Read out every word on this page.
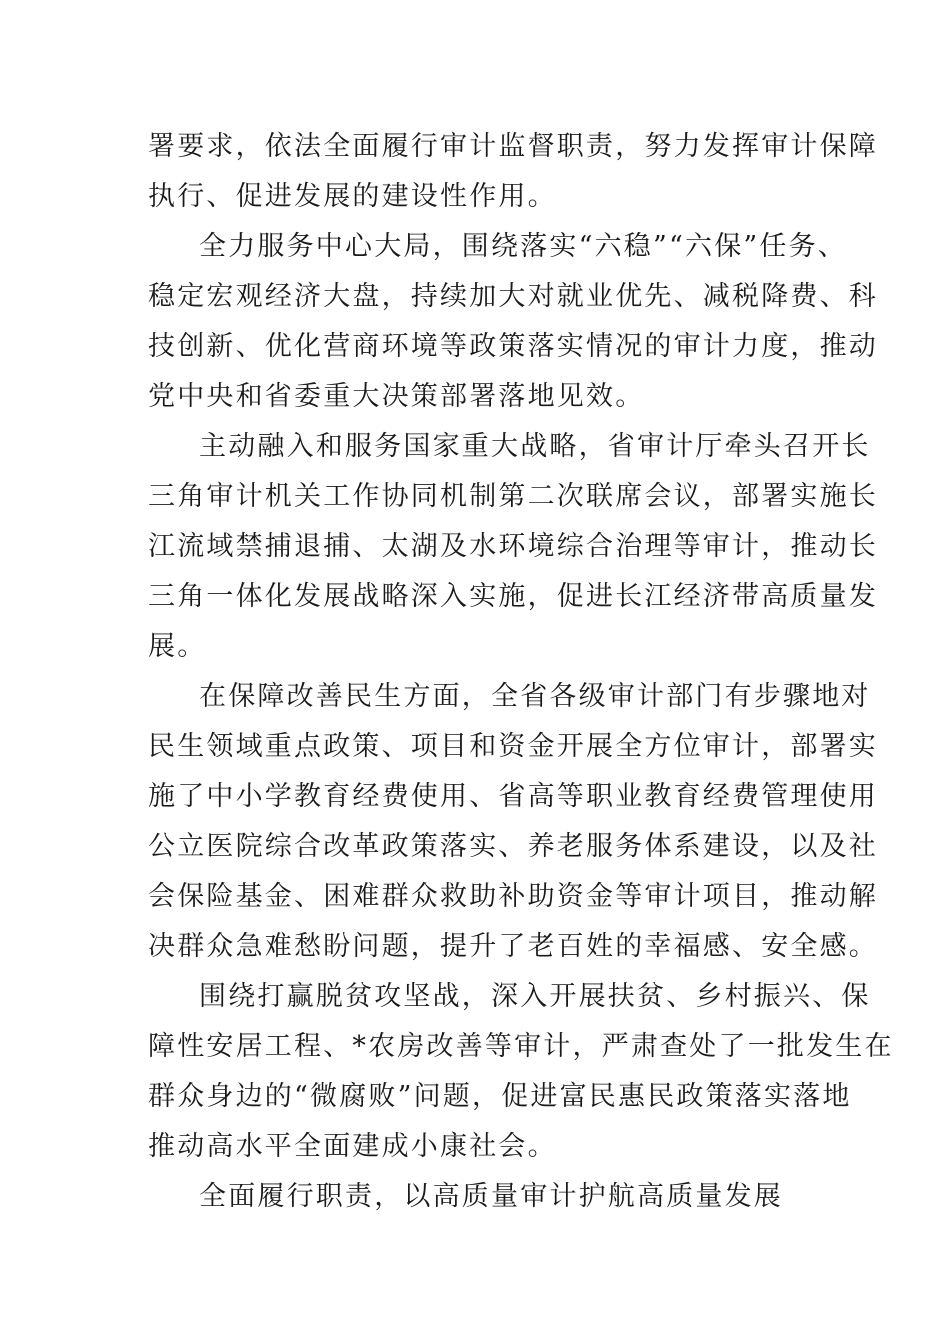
署要求，依法全面履行审计监督职责，努力发挥审计保障
执行、促进发展的建设性作用。
全力服务中心大局，围绕落实“六稳”“六保”任务、
稳定宏观经济大盘，持续加大对就业优先、减税降费、科
技创新、优化营商环境等政策落实情况的审计力度，推动
党中央和省委重大决策部署落地见效。
主动融入和服务国家重大战略，省审计厅牵头召开长
三角审计机关工作协同机制第二次联席会议，部署实施长
江流域禁捕退捕、太湖及水环境综合治理等审计，推动长
三角一体化发展战略深入实施，促进长江经济带高质量发
展。
在保障改善民生方面，全省各级审计部门有步骤地对
民生领域重点政策、项目和资金开展全方位审计，部署实
施了中小学教育经费使用、省高等职业教育经费管理使用
公立医院综合改革政策落实、养老服务体系建设，以及社
会保险基金、困难群众救助补助资金等审计项目，推动解
决群众急难愁盼问题，提升了老百姓的幸福感、安全感。
围绕打赢脱贫攻坚战，深入开展扶贫、乡村振兴、保
障性安居工程、*农房改善等审计，严肃查处了一批发生在
群众身边的“微腐败”问题，促进富民惠民政策落实落地
推动高水平全面建成小康社会。
全面履行职责，以高质量审计护航高质量发展
